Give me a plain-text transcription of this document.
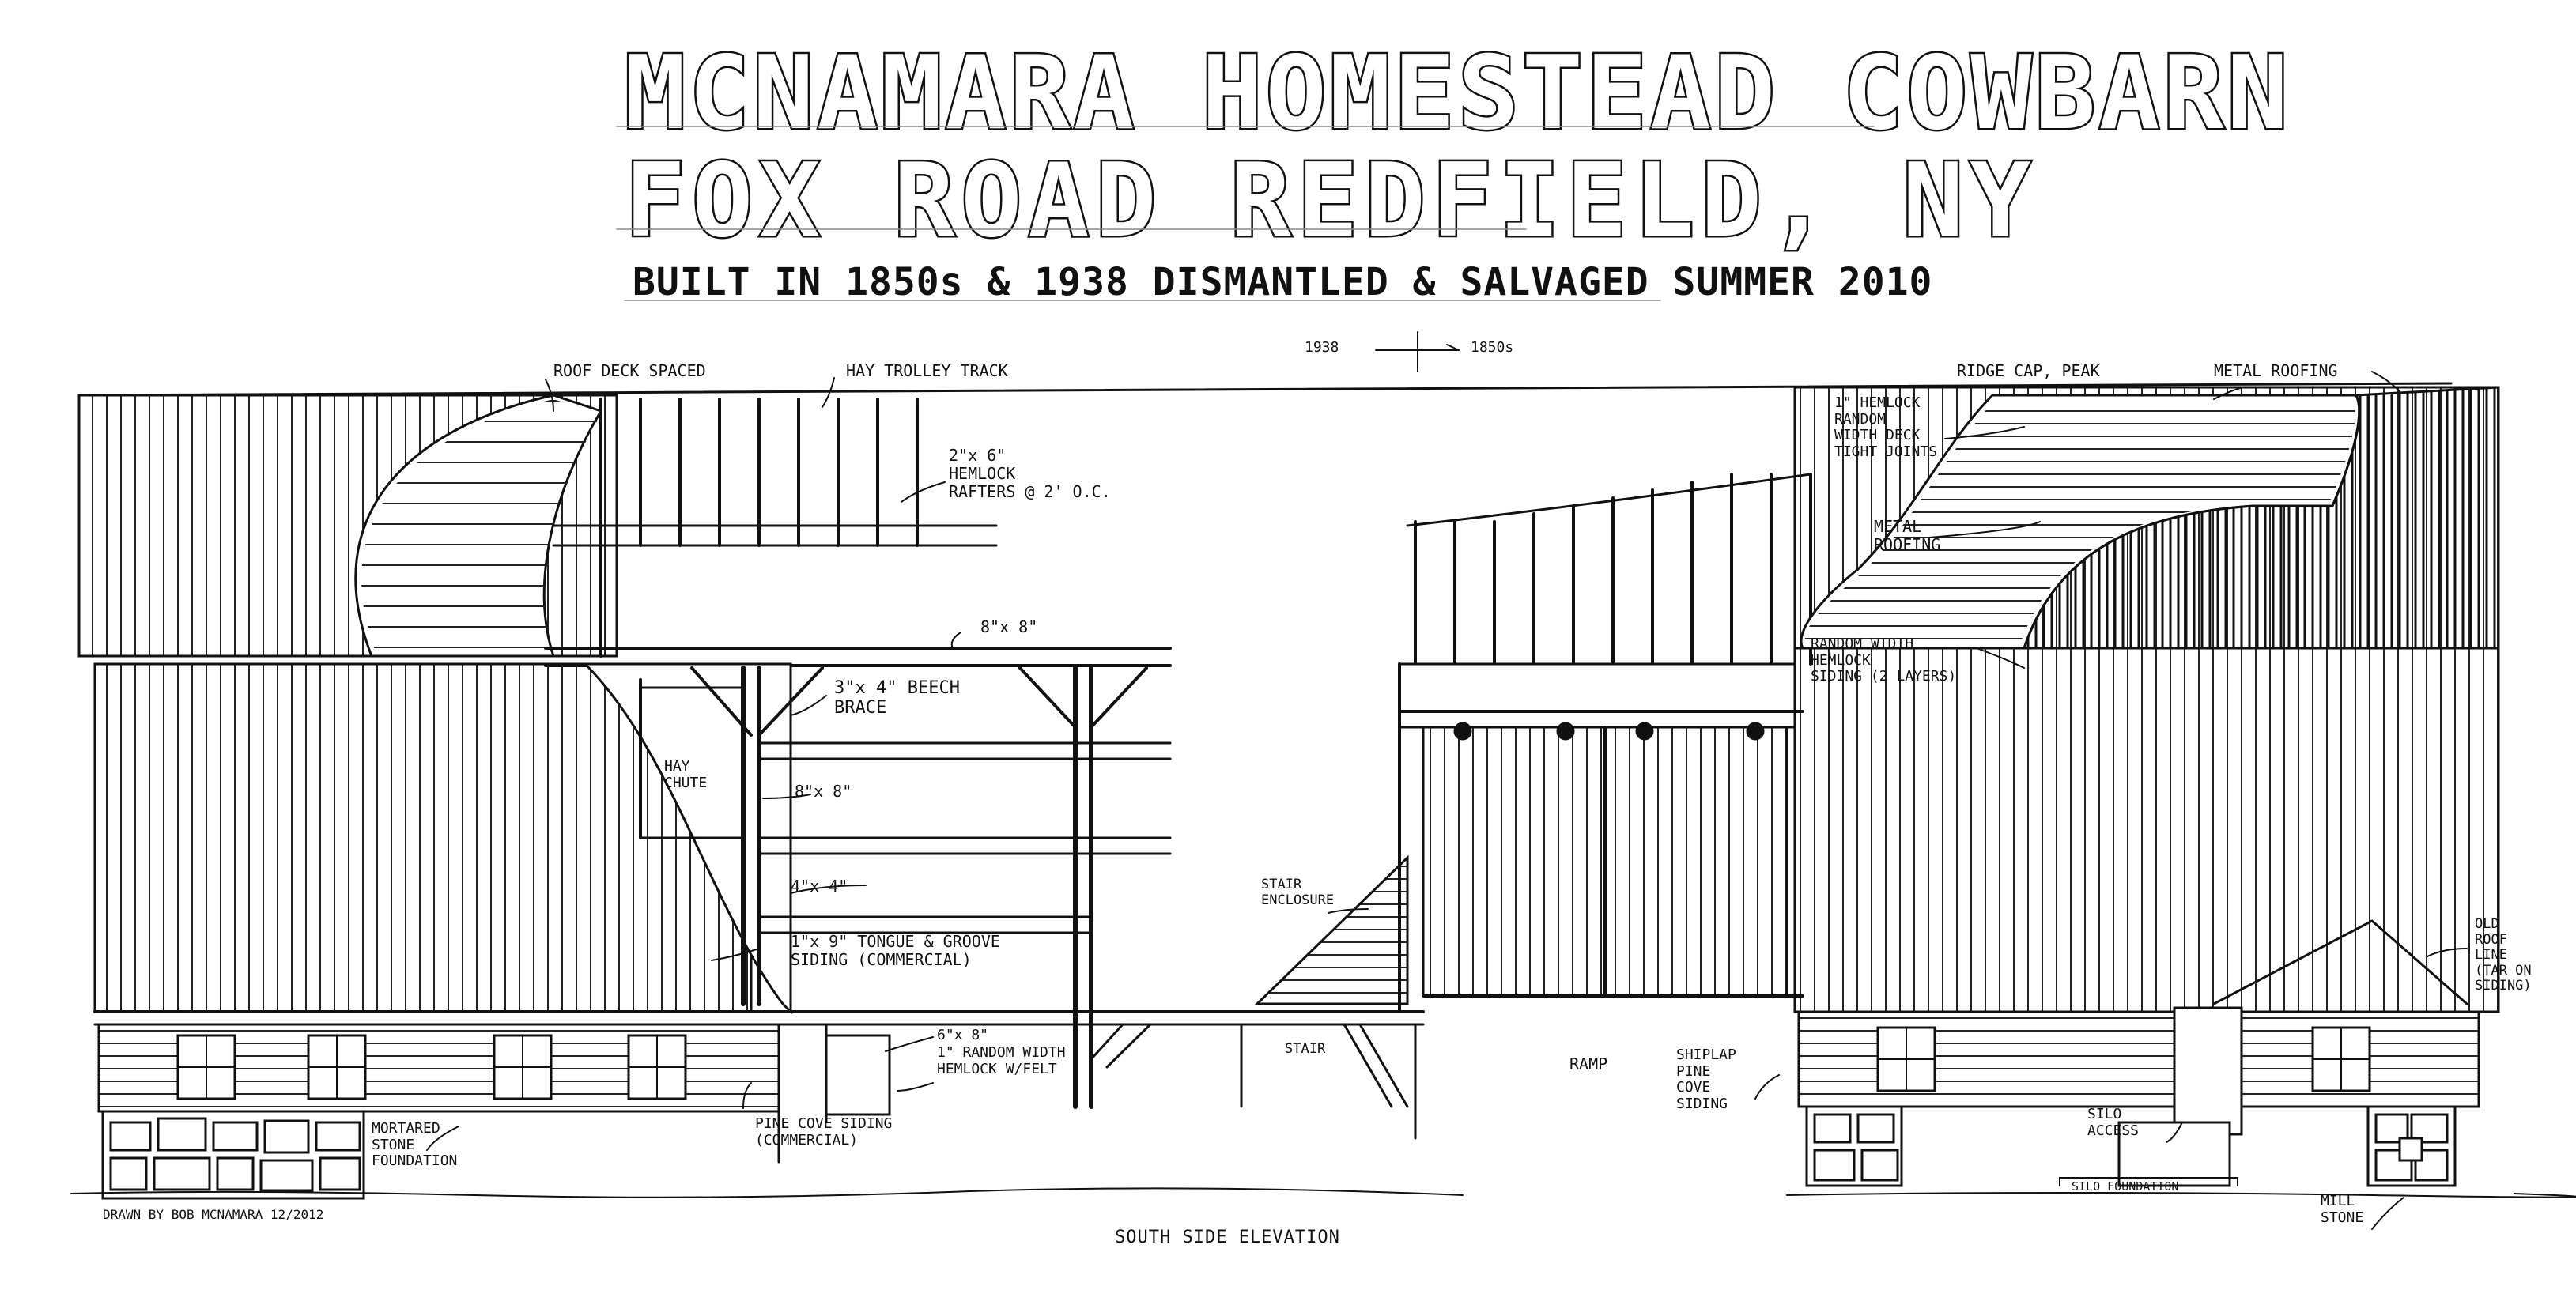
MCNAMARA HOMESTEAD COWBARN
FOX ROAD REDFIELD, NY
BUILT IN 1850s & 1938 DISMANTLED & SALVAGED SUMMER 2010
1938	1850s
ROOF DECK SPACED	HAY TROLLEY TRACK
2"x 6"
HEMLOCK
RAFTERS @ 2' O.C.
8"x 8"
3"x 4" BEECH
BRACE
HAY
CHUTE	8"x 8"
4"x 4"
1"x 9" TONGUE & GROOVE
SIDING (COMMERCIAL)
6"x 8"
1" RANDOM WIDTH
HEMLOCK W/FELT
PINE COVE SIDING
(COMMERCIAL)
MORTARED
STONE
FOUNDATION
STAIR
ENCLOSURE
STAIR
RAMP	SHIPLAP
PINE
COVE
SIDING
RIDGE CAP, PEAK	METAL ROOFING
1" HEMLOCK
RANDOM
WIDTH DECK
TIGHT JOINTS
METAL
ROOFING
RANDOM WIDTH
HEMLOCK
SIDING (2 LAYERS)
OLD
ROOF
LINE
(TAR ON
SIDING)
SILO
ACCESS
SILO FOUNDATION
MILL
STONE
DRAWN BY BOB MCNAMARA 12/2012
SOUTH SIDE ELEVATION
